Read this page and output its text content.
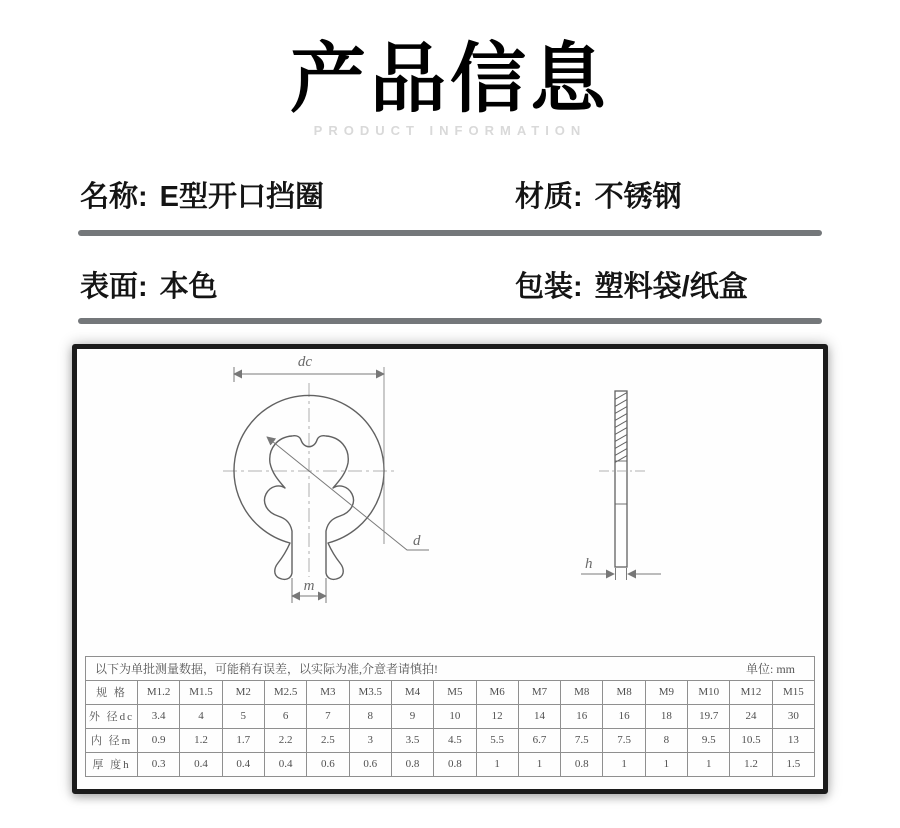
产品信息
PRODUCT INFORMATION
名称: E型开口挡圈	材质: 不锈钢
表面: 本色	包装: 塑料袋/纸盒
dc
d
m
h
以下为单批测量数据，可能稍有误差，以实际为准,介意者请慎拍! 单位: mm																

规 格	M1.2	M1.5	M2	M2.5	M3	M3.5	M4	M5	M6	M7	M8	M8	M9	M10	M12	M15
外 径dc	3.4	4	5	6	7	8	9	10	12	14	16	16	18	19.7	24	30
内 径m	0.9	1.2	1.7	2.2	2.5	3	3.5	4.5	5.5	6.7	7.5	7.5	8	9.5	10.5	13
厚 度h	0.3	0.4	0.4	0.4	0.6	0.6	0.8	0.8	1	1	0.8	1	1	1	1.2	1.5
